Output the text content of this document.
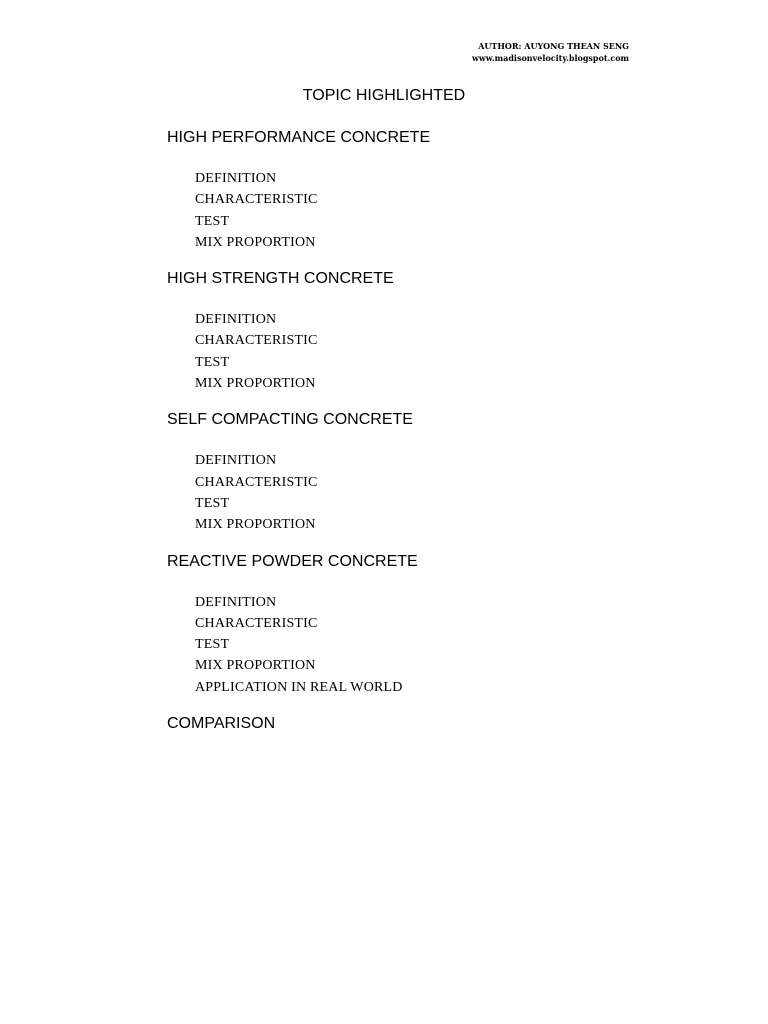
AUTHOR: AUYONG THEAN SENG
www.madisonvelocity.blogspot.com
TOPIC HIGHLIGHTED
HIGH PERFORMANCE CONCRETE
DEFINITION
CHARACTERISTIC
TEST
MIX PROPORTION
HIGH STRENGTH CONCRETE
DEFINITION
CHARACTERISTIC
TEST
MIX PROPORTION
SELF COMPACTING CONCRETE
DEFINITION
CHARACTERISTIC
TEST
MIX PROPORTION
REACTIVE POWDER CONCRETE
DEFINITION
CHARACTERISTIC
TEST
MIX PROPORTION
APPLICATION IN REAL WORLD
COMPARISON
